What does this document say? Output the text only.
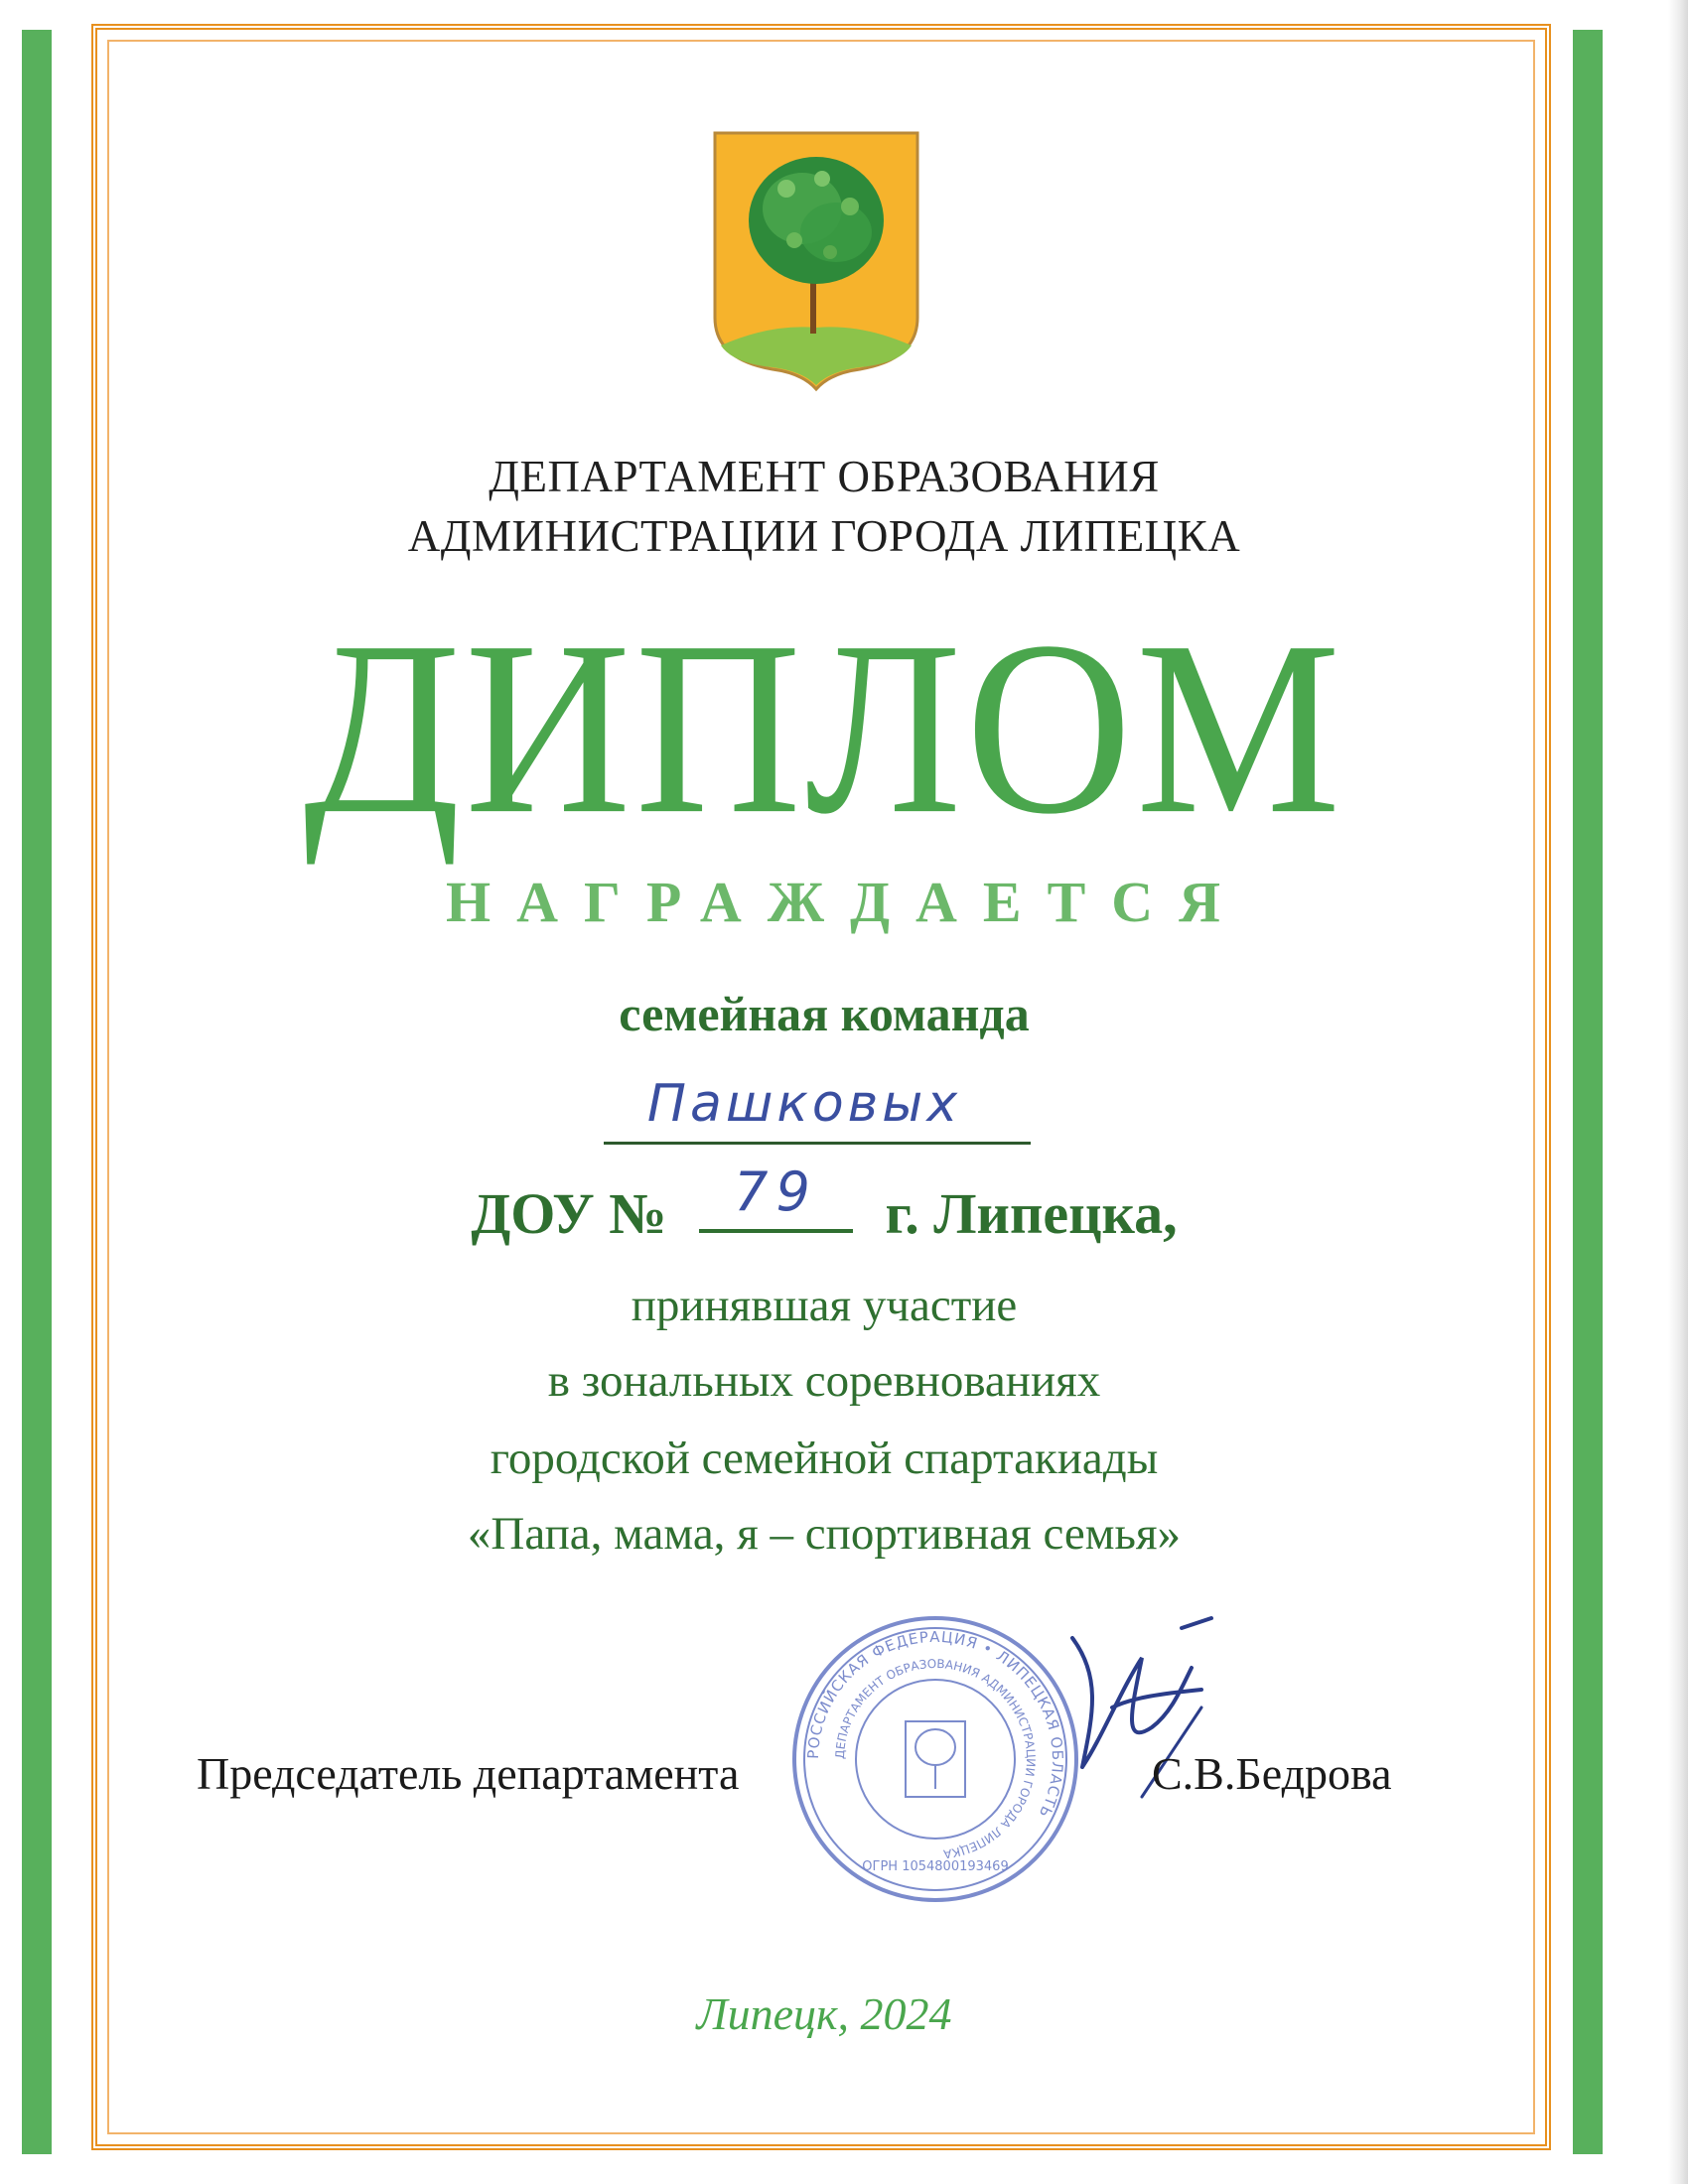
ДЕПАРТАМЕНТ ОБРАЗОВАНИЯ
АДМИНИСТРАЦИИ ГОРОДА ЛИПЕЦКА
ДИПЛОМ
НАГРАЖДАЕТСЯ
семейная команда
Пашковых
ДОУ №	79	г. Липецка,
принявшая участие
в зональных соревнованиях
городской семейной спартакиады
«Папа, мама, я – спортивная семья»
РОССИЙСКАЯ ФЕДЕРАЦИЯ • ЛИПЕЦКАЯ ОБЛАСТЬ
ДЕПАРТАМЕНТ ОБРАЗОВАНИЯ АДМИНИСТРАЦИИ ГОРОДА ЛИПЕЦКА
ОГРН 1054800193469
Председатель департамента	С.В.Бедрова
Липецк, 2024
